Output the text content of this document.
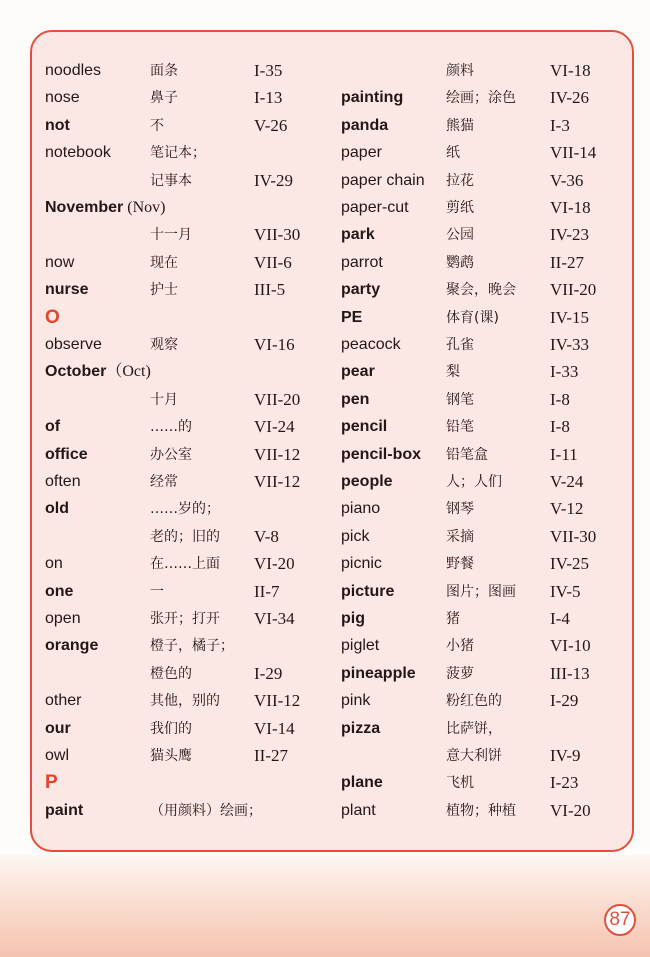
noodles	面条	I-35
nose	鼻子	I-13
not	不	V-26
notebook	笔记本；
记事本	IV-29
November (Nov)
十一月	VII-30
now	现在	VII-6
nurse	护士	III-5
O
observe	观察	VI-16
October（Oct)
十月	VII-20
of	……的	VI-24
office	办公室	VII-12
often	经常	VII-12
old	……岁的；
老的；旧的 V-8
on	在……上面 VI-20
one	一	II-7
open	张开；打开 VI-34
orange	橙子，橘子；
橙色的	I-29
other	其他，别的 VII-12
our	我们的	VI-14
owl	猫头鹰	II-27
P
paint	（用颜料）绘画；
颜料	VI-18
painting	绘画；涂色 IV-26
panda	熊猫	I-3
paper	纸	VII-14
paper chain 拉花	V-36
paper-cut	剪纸	VI-18
park	公园	IV-23
parrot	鹦鹉	II-27
party	聚会，晚会 VII-20
PE	体育(课)	IV-15
peacock	孔雀	IV-33
pear	梨	I-33
pen	钢笔	I-8
pencil	铅笔	I-8
pencil-box 铅笔盒	I-11
people	人；人们	V-24
piano	钢琴	V-12
pick	采摘	VII-30
picnic	野餐	IV-25
picture	图片；图画 IV-5
pig	猪	I-4
piglet	小猪	VI-10
pineapple 菠萝	III-13
pink	粉红色的	I-29
pizza	比萨饼，
意大利饼	IV-9
plane	飞机	I-23
plant	植物；种植 VI-20
87
